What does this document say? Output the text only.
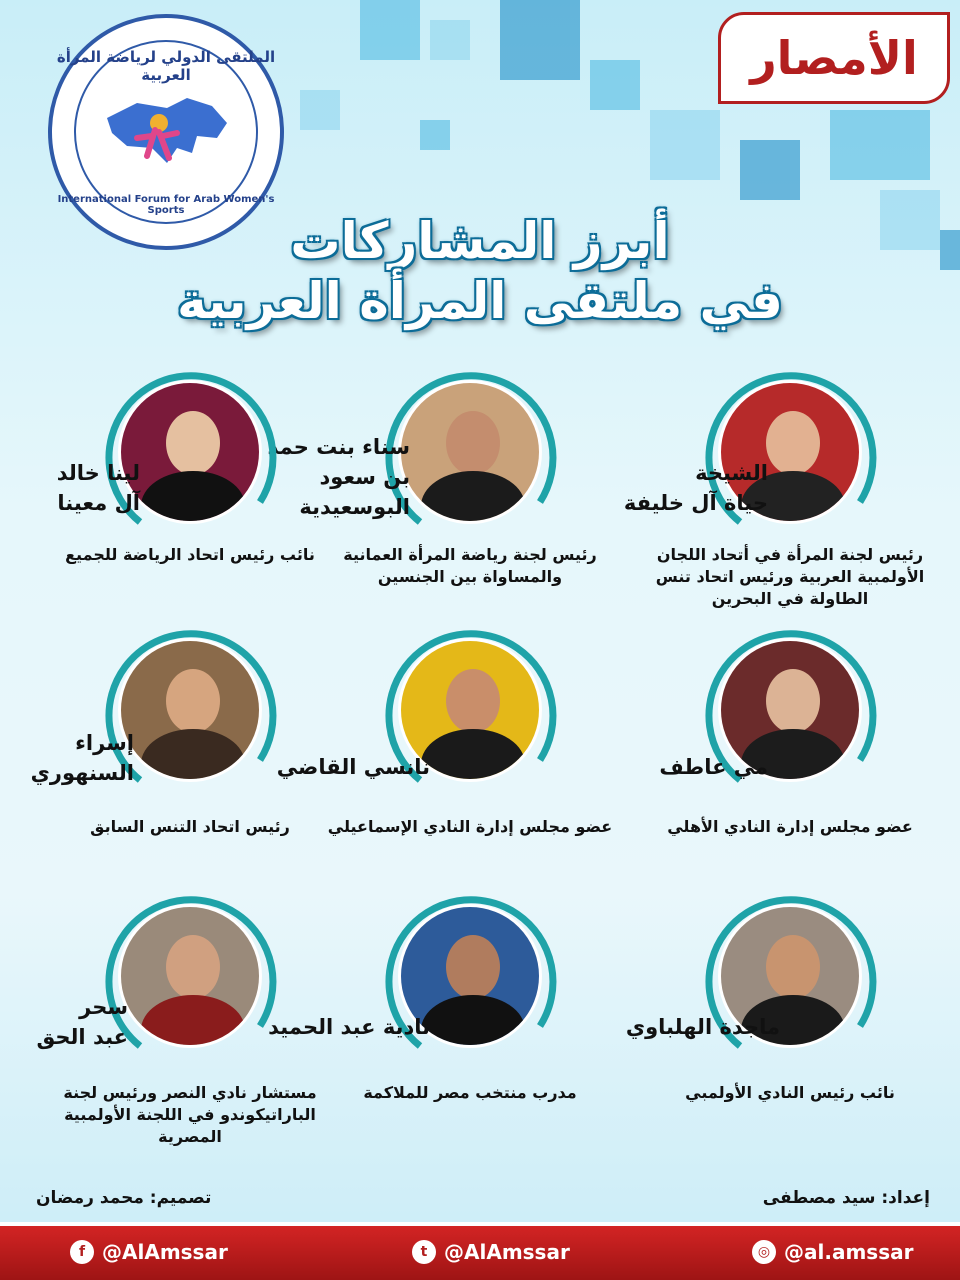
الأمصار
الملتقى الدولي لرياضة المرأة العربية
International Forum for Arab Women's Sports
أبرز المشاركات
في ملتقى المرأة العربية
الشيخة
حياة آل خليفة
رئيس لجنة المرأة في أتحاد اللجان الأولمبية العربية ورئيس اتحاد تنس الطاولة في البحرين
سناء بنت حمد
بن سعود
البوسعيدية
رئيس لجنة رياضة المرأة العمانية والمساواة بين الجنسين
لينا خالد
آل معينا
نائب رئيس اتحاد الرياضة للجميع
مي عاطف
عضو مجلس إدارة النادي الأهلي
نانسي القاضي
عضو مجلس إدارة النادي الإسماعيلي
إسراء
السنهوري
رئيس اتحاد التنس السابق
ماجدة الهلباوي
نائب رئيس النادي الأولمبي
نادية عبد الحميد
مدرب منتخب مصر للملاكمة
سحر
عبد الحق
مستشار نادي النصر ورئيس لجنة الباراتيكوندو في اللجنة الأولمبية المصرية
إعداد: سيد مصطفى
تصميم: محمد رمضان
f @AlAmssar	t @AlAmssar	◎ @al.amssar
